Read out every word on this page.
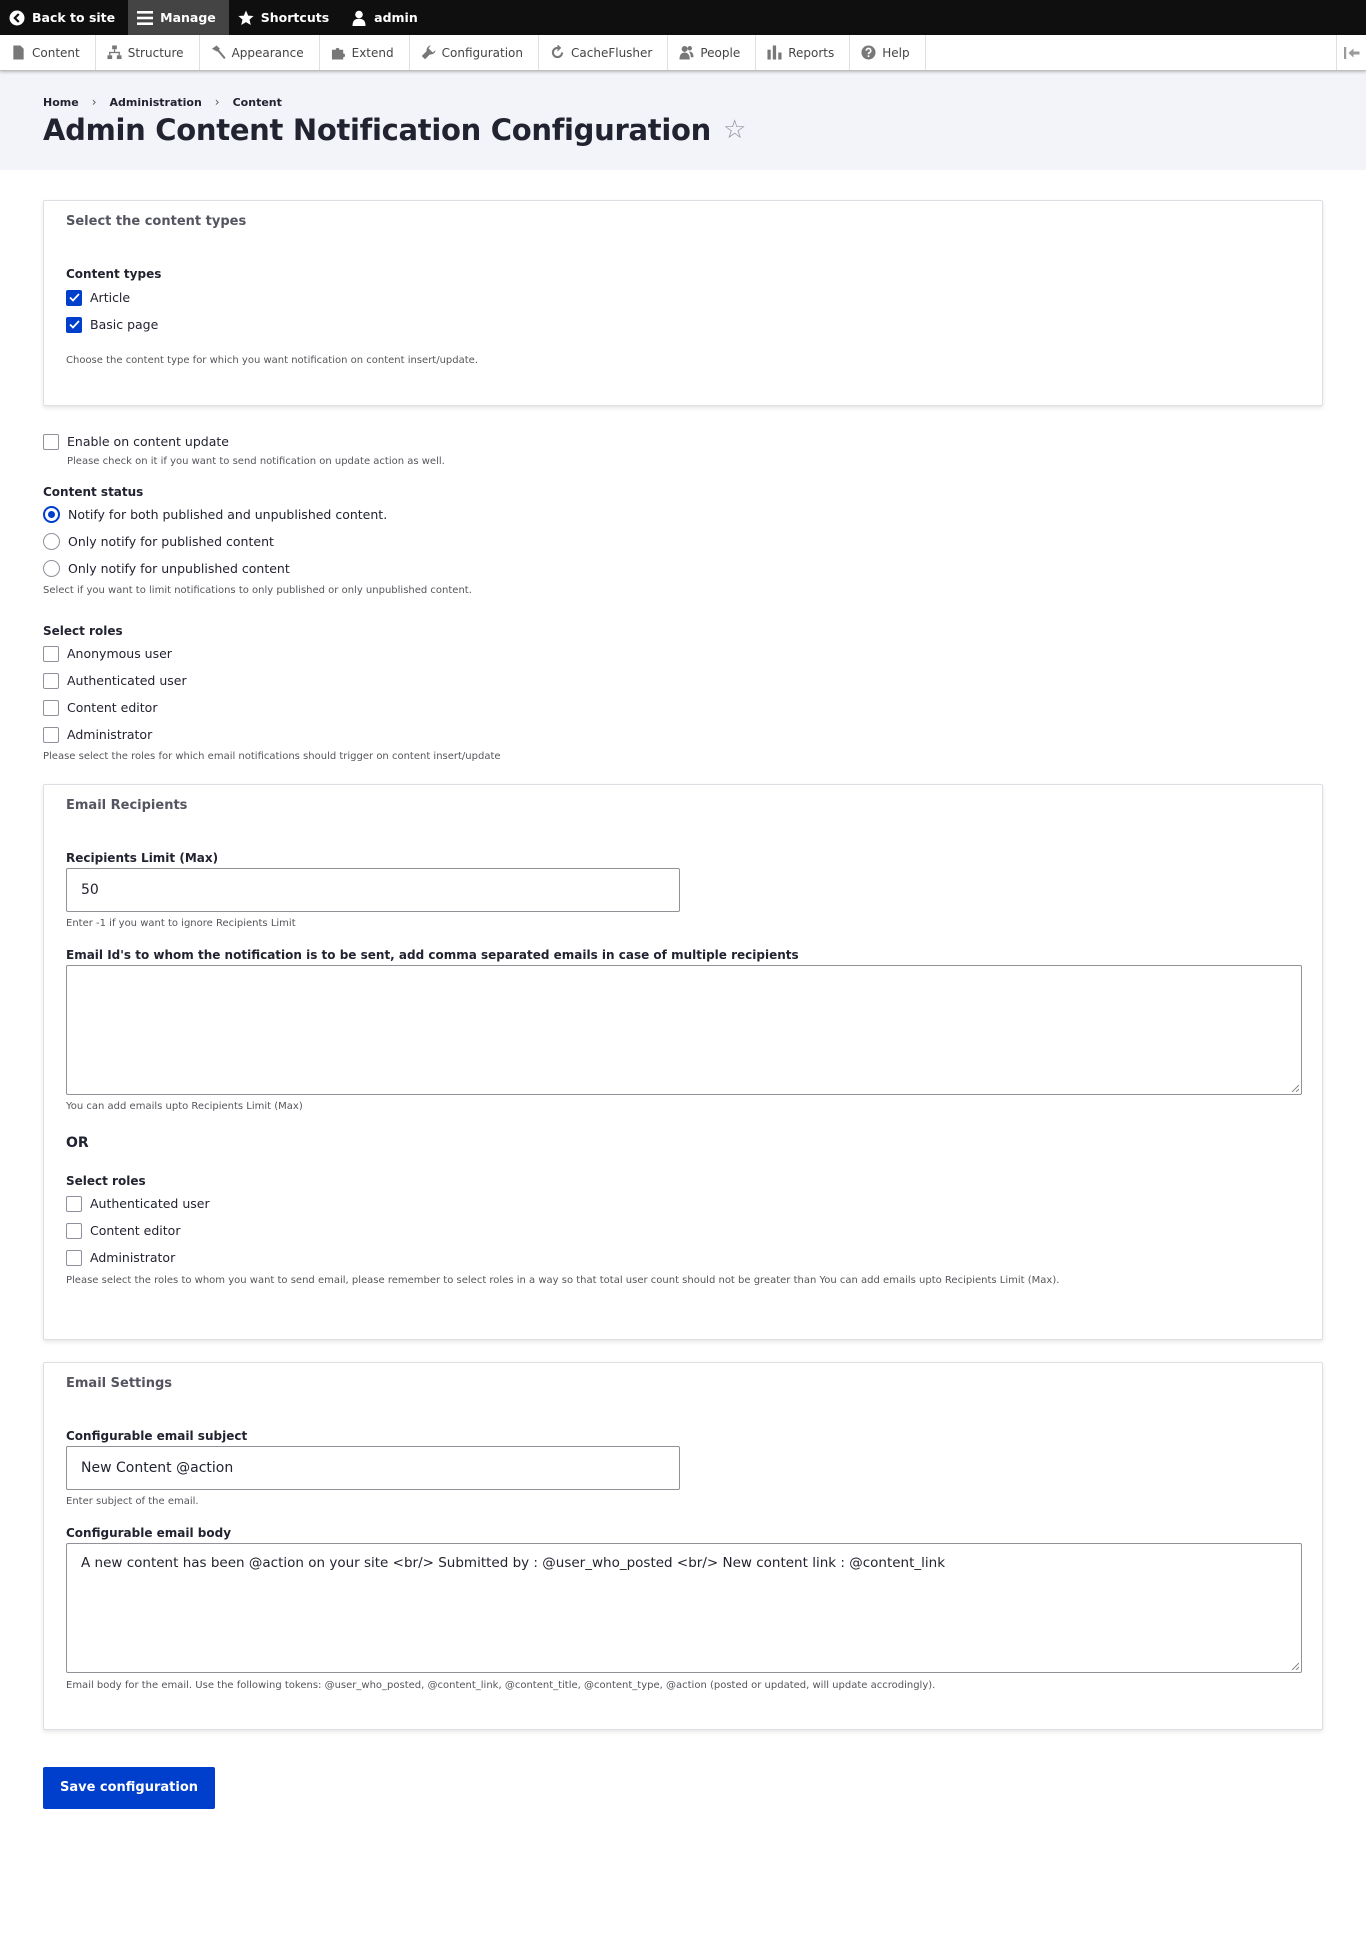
Back to site	Manage	Shortcuts	admin
Content	Structure	Appearance	Extend	Configuration	CacheFlusher	People	Reports	Help
Home › Administration › Content
Admin Content Notification Configuration ☆
Select the content types
Content types
Article
Basic page
Choose the content type for which you want notification on content insert/update.
Enable on content update
Please check on it if you want to send notification on update action as well.
Content status
Notify for both published and unpublished content.
Only notify for published content
Only notify for unpublished content
Select if you want to limit notifications to only published or only unpublished content.
Select roles
Anonymous user
Authenticated user
Content editor
Administrator
Please select the roles for which email notifications should trigger on content insert/update
Email Recipients
Recipients Limit (Max)
50
Enter -1 if you want to ignore Recipients Limit
Email Id's to whom the notification is to be sent, add comma separated emails in case of multiple recipients
You can add emails upto Recipients Limit (Max)
OR
Select roles
Authenticated user
Content editor
Administrator
Please select the roles to whom you want to send email, please remember to select roles in a way so that total user count should not be greater than You can add emails upto Recipients Limit (Max).
Email Settings
Configurable email subject
New Content @action
Enter subject of the email.
Configurable email body
A new content has been @action on your site <br/> Submitted by : @user_who_posted <br/> New content link : @content_link
Email body for the email. Use the following tokens: @user_who_posted, @content_link, @content_title, @content_type, @action (posted or updated, will update accrodingly).
Save configuration
